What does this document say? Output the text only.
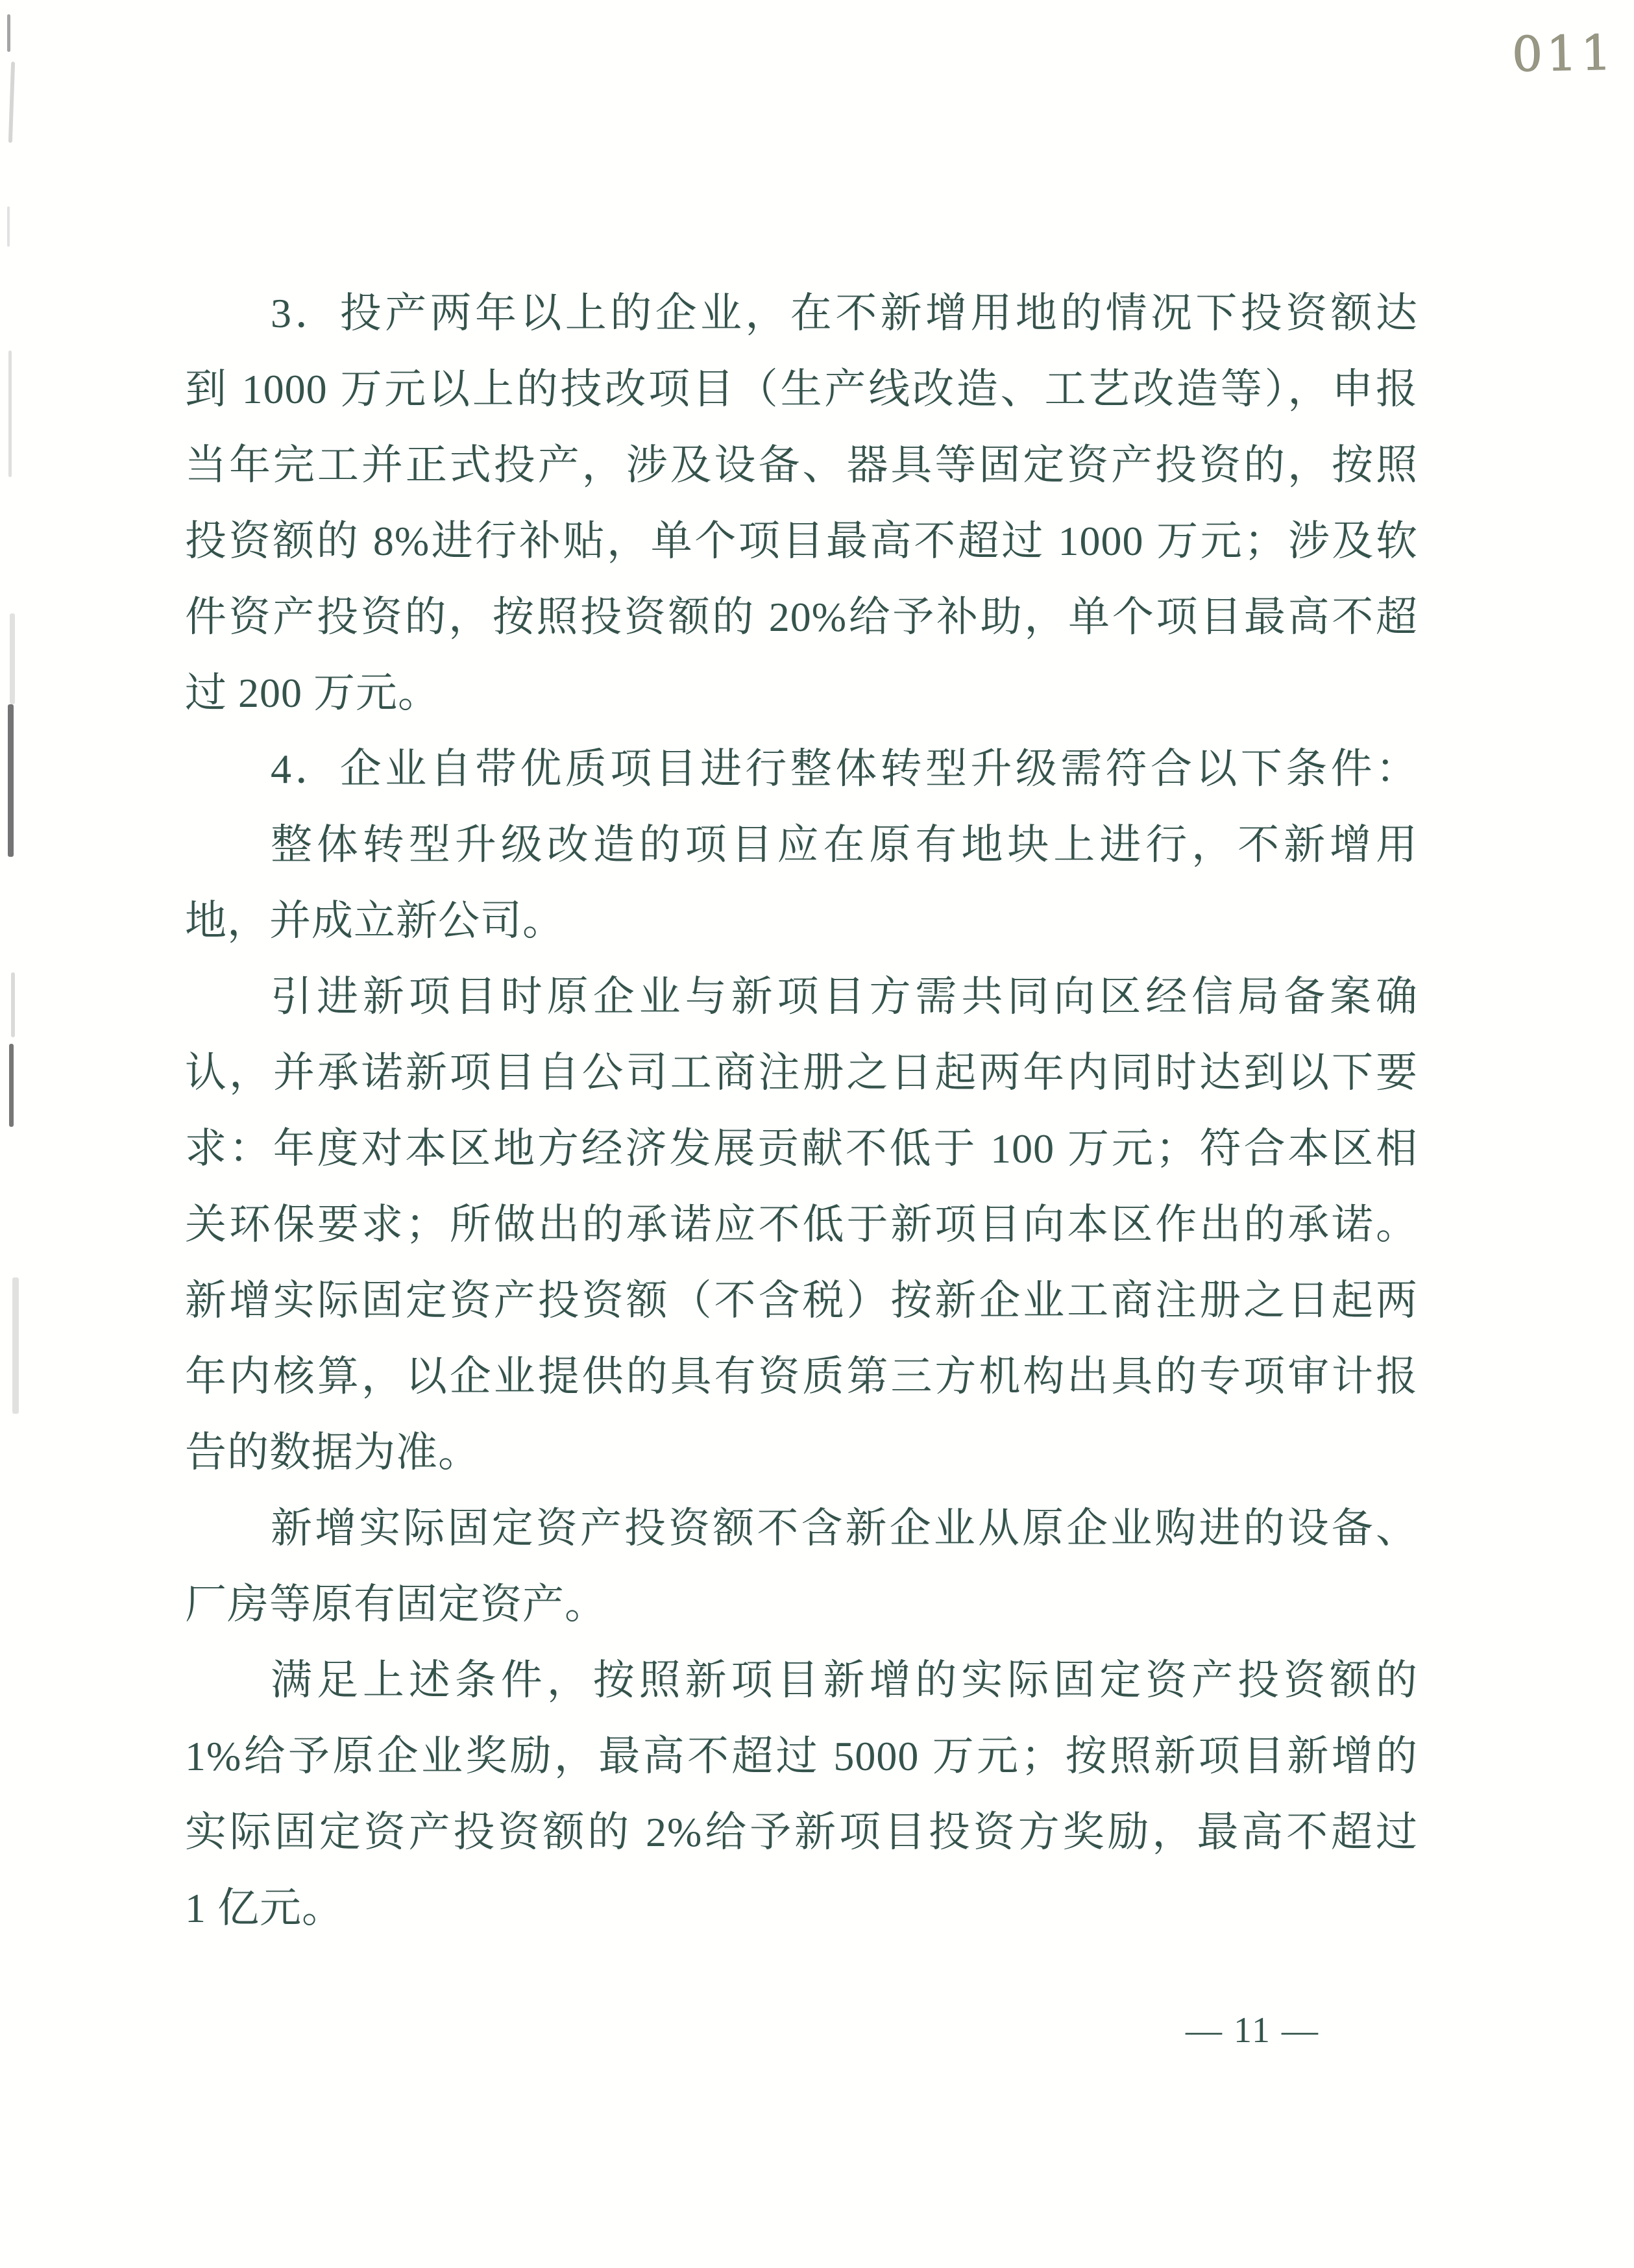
011
3．投产两年以上的企业，在不新增用地的情况下投资额达
到 1000 万元以上的技改项目（生产线改造、工艺改造等），申报
当年完工并正式投产，涉及设备、器具等固定资产投资的，按照
投资额的 8%进行补贴，单个项目最高不超过 1000 万元；涉及软
件资产投资的，按照投资额的 20%给予补助，单个项目最高不超
过 200 万元。
4．企业自带优质项目进行整体转型升级需符合以下条件：
整体转型升级改造的项目应在原有地块上进行，不新增用
地，并成立新公司。
引进新项目时原企业与新项目方需共同向区经信局备案确
认，并承诺新项目自公司工商注册之日起两年内同时达到以下要
求：年度对本区地方经济发展贡献不低于 100 万元；符合本区相
关环保要求；所做出的承诺应不低于新项目向本区作出的承诺。
新增实际固定资产投资额（不含税）按新企业工商注册之日起两
年内核算，以企业提供的具有资质第三方机构出具的专项审计报
告的数据为准。
新增实际固定资产投资额不含新企业从原企业购进的设备、
厂房等原有固定资产。
满足上述条件，按照新项目新增的实际固定资产投资额的
1%给予原企业奖励，最高不超过 5000 万元；按照新项目新增的
实际固定资产投资额的 2%给予新项目投资方奖励，最高不超过
1 亿元。
— 11 —
